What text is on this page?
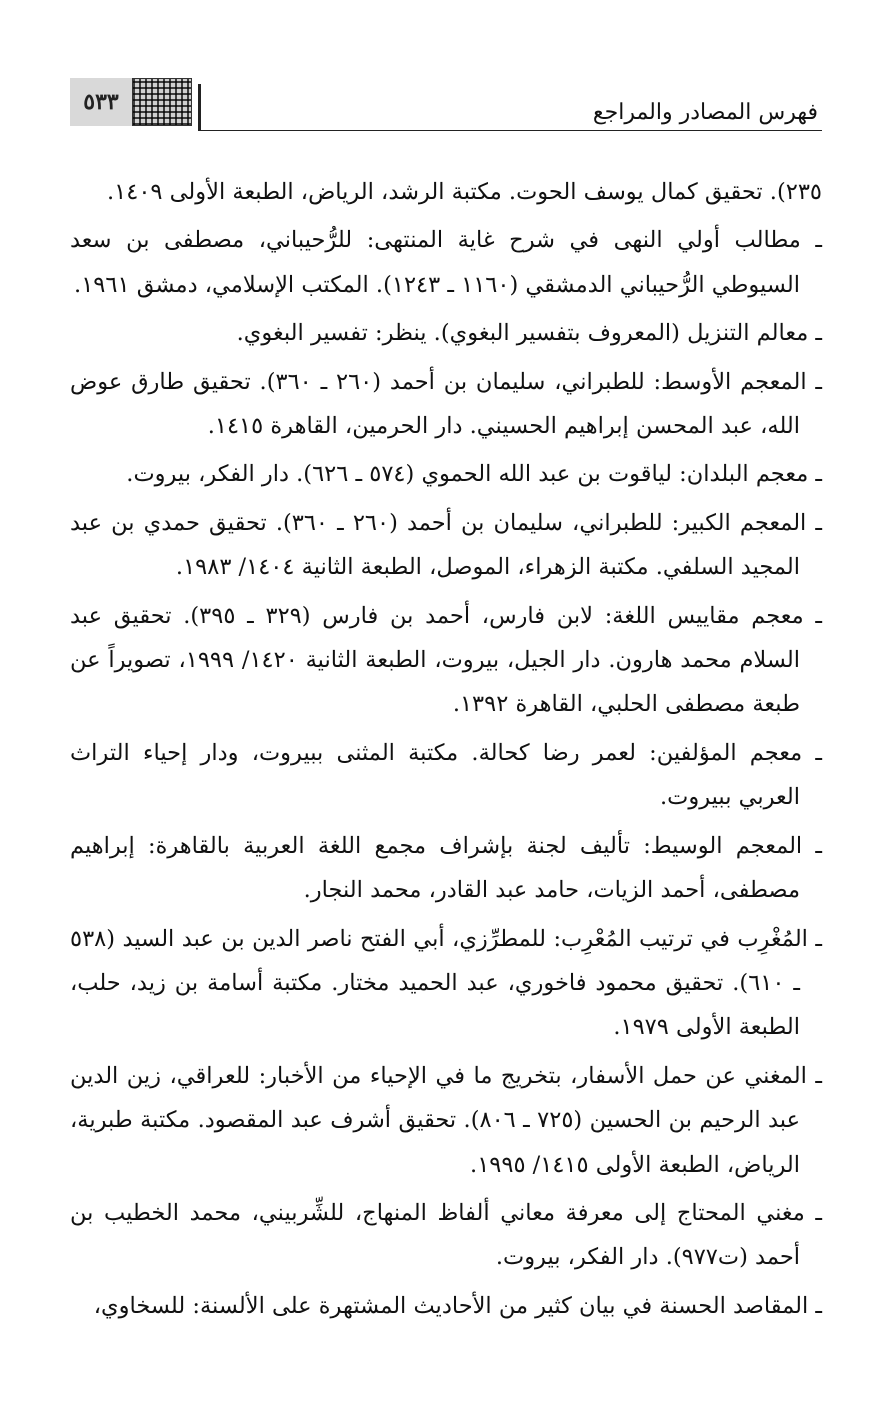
٥٣٣	فهرس المصادر والمراجع

٢٣٥). تحقيق كمال يوسف الحوت. مكتبة الرشد، الرياض، الطبعة الأولى ١٤٠٩.

ـ مطالب أولي النهى في شرح غاية المنتهى: للرُّحيباني، مصطفى بن سعد السيوطي الرُّحيباني الدمشقي (١١٦٠ ـ ١٢٤٣). المكتب الإسلامي، دمشق ١٩٦١.

ـ معالم التنزيل (المعروف بتفسير البغوي). ينظر: تفسير البغوي.

ـ المعجم الأوسط: للطبراني، سليمان بن أحمد (٢٦٠ ـ ٣٦٠). تحقيق طارق عوض الله، عبد المحسن إبراهيم الحسيني. دار الحرمين، القاهرة ١٤١٥.

ـ معجم البلدان: لياقوت بن عبد الله الحموي (٥٧٤ ـ ٦٢٦). دار الفكر، بيروت.

ـ المعجم الكبير: للطبراني، سليمان بن أحمد (٢٦٠ ـ ٣٦٠). تحقيق حمدي بن عبد المجيد السلفي. مكتبة الزهراء، الموصل، الطبعة الثانية ١٤٠٤/ ١٩٨٣.

ـ معجم مقاييس اللغة: لابن فارس، أحمد بن فارس (٣٢٩ ـ ٣٩٥). تحقيق عبد السلام محمد هارون. دار الجيل، بيروت، الطبعة الثانية ١٤٢٠/ ١٩٩٩، تصويراً عن طبعة مصطفى الحلبي، القاهرة ١٣٩٢.

ـ معجم المؤلفين: لعمر رضا كحالة. مكتبة المثنى ببيروت، ودار إحياء التراث العربي ببيروت.

ـ المعجم الوسيط: تأليف لجنة بإشراف مجمع اللغة العربية بالقاهرة: إبراهيم مصطفى، أحمد الزيات، حامد عبد القادر، محمد النجار.

ـ المُغْرِب في ترتيب المُعْرِب: للمطرِّزي، أبي الفتح ناصر الدين بن عبد السيد (٥٣٨ ـ ٦١٠). تحقيق محمود فاخوري، عبد الحميد مختار. مكتبة أسامة بن زيد، حلب، الطبعة الأولى ١٩٧٩.

ـ المغني عن حمل الأسفار، بتخريج ما في الإحياء من الأخبار: للعراقي، زين الدين عبد الرحيم بن الحسين (٧٢٥ ـ ٨٠٦). تحقيق أشرف عبد المقصود. مكتبة طبرية، الرياض، الطبعة الأولى ١٤١٥/ ١٩٩٥.

ـ مغني المحتاج إلى معرفة معاني ألفاظ المنهاج، للشِّربيني، محمد الخطيب بن أحمد (ت٩٧٧). دار الفكر، بيروت.

ـ المقاصد الحسنة في بيان كثير من الأحاديث المشتهرة على الألسنة: للسخاوي،
